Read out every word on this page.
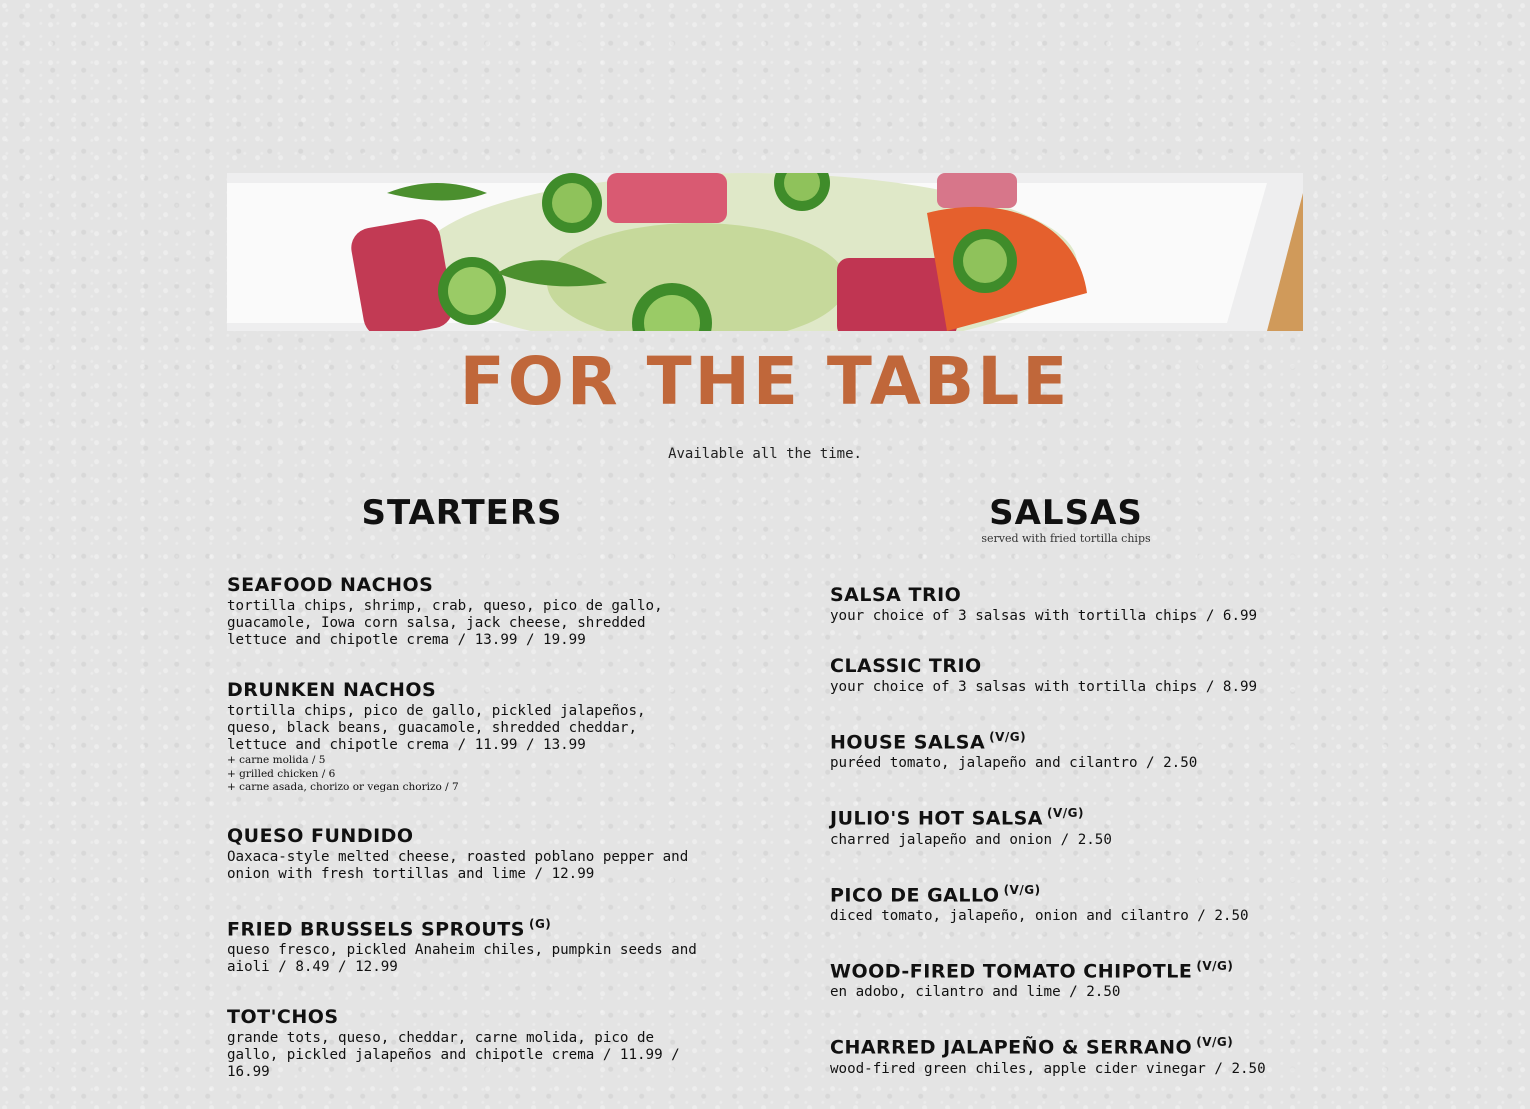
FOR THE TABLE
Available all the time.
STARTERS
SEAFOOD NACHOS
tortilla chips, shrimp, crab, queso, pico de gallo, guacamole, Iowa corn salsa, jack cheese, shredded lettuce and chipotle crema / 13.99 / 19.99
DRUNKEN NACHOS
tortilla chips, pico de gallo, pickled jalapeños, queso, black beans, guacamole, shredded cheddar, lettuce and chipotle crema / 11.99 / 13.99
+ carne molida / 5
+ grilled chicken / 6
+ carne asada, chorizo or vegan chorizo / 7
QUESO FUNDIDO
Oaxaca-style melted cheese, roasted poblano pepper and onion with fresh tortillas and lime / 12.99
FRIED BRUSSELS SPROUTS $^{(G)}$
queso fresco, pickled Anaheim chiles, pumpkin seeds and aioli / 8.49 / 12.99
TOT'CHOS
grande tots, queso, cheddar, carne molida, pico de gallo, pickled jalapeños and chipotle crema / 11.99 / 16.99
SALSAS
served with fried tortilla chips
SALSA TRIO
your choice of 3 salsas with tortilla chips / 6.99
CLASSIC TRIO
your choice of 3 salsas with tortilla chips / 8.99
HOUSE SALSA $^{(V/G)}$
puréed tomato, jalapeño and cilantro / 2.50
JULIO'S HOT SALSA $^{(V/G)}$
charred jalapeño and onion / 2.50
PICO DE GALLO $^{(V/G)}$
diced tomato, jalapeño, onion and cilantro / 2.50
WOOD-FIRED TOMATO CHIPOTLE $^{(V/G)}$
en adobo, cilantro and lime / 2.50
CHARRED JALAPEÑO & SERRANO $^{(V/G)}$
wood-fired green chiles, apple cider vinegar / 2.50
